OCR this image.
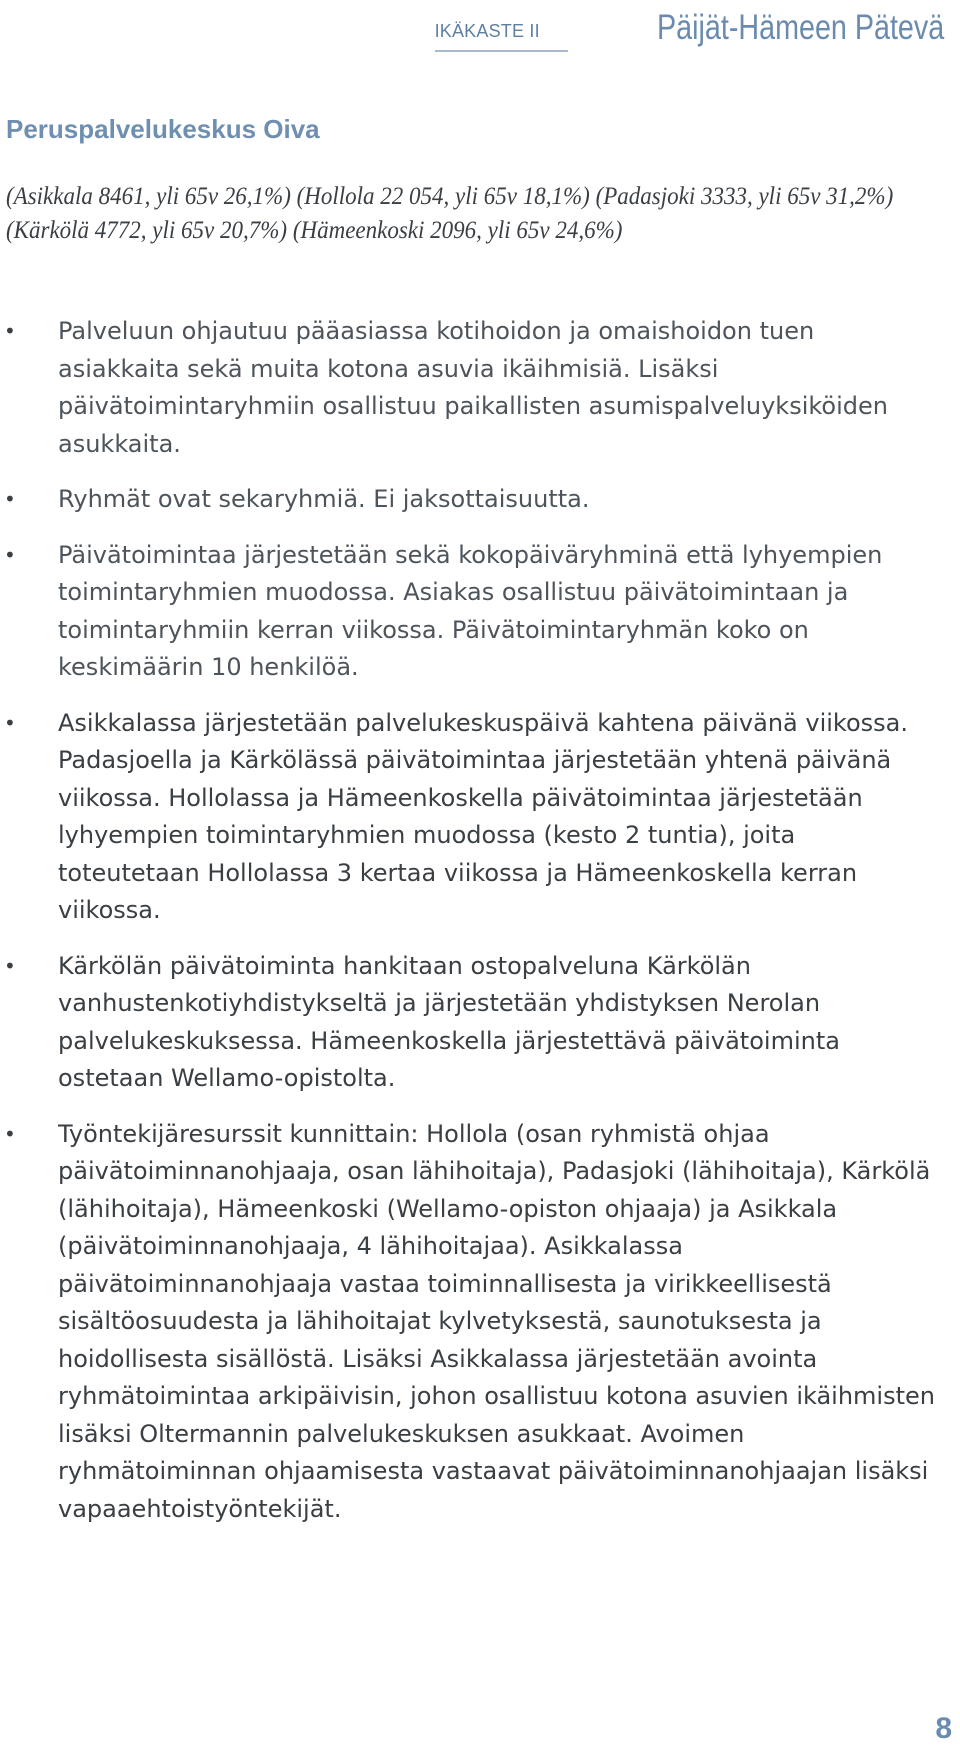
IKÄKASTE II	Päijät-Hämeen Pätevä
Peruspalvelukeskus Oiva
(Asikkala 8461, yli 65v 26,1%) (Hollola 22 054, yli 65v 18,1%) (Padasjoki 3333, yli 65v 31,2%) (Kärkölä 4772, yli 65v 20,7%) (Hämeenkoski 2096, yli 65v 24,6%)
• Palveluun ohjautuu pääasiassa kotihoidon ja omaishoidon tuen asiakkaita sekä muita kotona asuvia ikäihmisiä. Lisäksi päivätoimintaryhmiin osallistuu paikallisten asumispalveluyksiköiden asukkaita.
• Ryhmät ovat sekaryhmiä. Ei jaksottaisuutta.
• Päivätoimintaa järjestetään sekä kokopäiväryhminä että lyhyempien toimintaryhmien muodossa. Asiakas osallistuu päivätoimintaan ja toimintaryhmiin kerran viikossa. Päivätoimintaryhmän koko on keskimäärin 10 henkilöä.
• Asikkalassa järjestetään palvelukeskuspäivä kahtena päivänä viikossa. Padasjoella ja Kärkölässä päivätoimintaa järjestetään yhtenä päivänä viikossa. Hollolassa ja Hämeenkoskella päivätoimintaa järjestetään lyhyempien toimintaryhmien muodossa (kesto 2 tuntia), joita toteutetaan Hollolassa 3 kertaa viikossa ja Hämeenkoskella kerran viikossa.
• Kärkölän päivätoiminta hankitaan ostopalveluna Kärkölän vanhustenkotiyhdistykseltä ja järjestetään yhdistyksen Nerolan palvelukeskuksessa. Hämeenkoskella järjestettävä päivätoiminta ostetaan Wellamo-opistolta.
• Työntekijäresurssit kunnittain: Hollola (osan ryhmistä ohjaa päivätoiminnanohjaaja, osan lähihoitaja), Padasjoki (lähihoitaja), Kärkölä (lähihoitaja), Hämeenkoski (Wellamo-opiston ohjaaja) ja Asikkala (päivätoiminnanohjaaja, 4 lähihoitajaa). Asikkalassa päivätoiminnanohjaaja vastaa toiminnallisesta ja virikkeellisestä sisältöosuudesta ja lähihoitajat kylvetyksestä, saunotuksesta ja hoidollisesta sisällöstä. Lisäksi Asikkalassa järjestetään avointa ryhmätoimintaa arkipäivisin, johon osallistuu kotona asuvien ikäihmisten lisäksi Oltermannin palvelukeskuksen asukkaat. Avoimen ryhmätoiminnan ohjaamisesta vastaavat päivätoiminnanohjaajan lisäksi vapaaehtoistyöntekijät.
8
